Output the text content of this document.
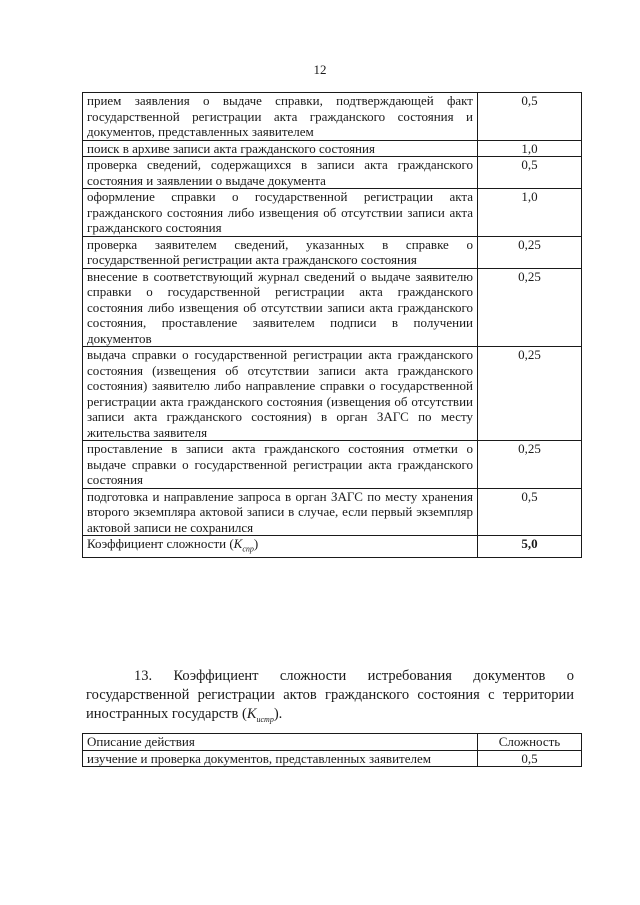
12
прием заявления о выдаче справки, подтверждающей факт государственной регистрации акта гражданского состояния и документов, представленных заявителем	0,5
поиск в архиве записи акта гражданского состояния	1,0
проверка сведений, содержащихся в записи акта гражданского состояния и заявлении о выдаче документа	0,5
оформление справки о государственной регистрации акта гражданского состояния либо извещения об отсутствии записи акта гражданского состояния	1,0
проверка заявителем сведений, указанных в справке о государственной регистрации акта гражданского состояния	0,25
внесение в соответствующий журнал сведений о выдаче заявителю справки о государственной регистрации акта гражданского состояния либо извещения об отсутствии записи акта гражданского состояния, проставление заявителем подписи в получении документов	0,25
выдача справки о государственной регистрации акта гражданского состояния (извещения об отсутствии записи акта гражданского состояния) заявителю либо направление справки о государственной регистрации акта гражданского состояния (извещения об отсутствии записи акта гражданского состояния) в орган ЗАГС по месту жительства заявителя	0,25
проставление в записи акта гражданского состояния отметки о выдаче справки о государственной регистрации акта гражданского состояния	0,25
подготовка и направление запроса в орган ЗАГС по месту хранения второго экземпляра актовой записи в случае, если первый экземпляр актовой записи не сохранился	0,5
Коэффициент сложности $(K_{спр})$	5,0

13. Коэффициент сложности истребования документов о государственной регистрации актов гражданского состояния с территории иностранных государств $(K_{истр})$.

Описание действия	Сложность
изучение и проверка документов, представленных заявителем	0,5
